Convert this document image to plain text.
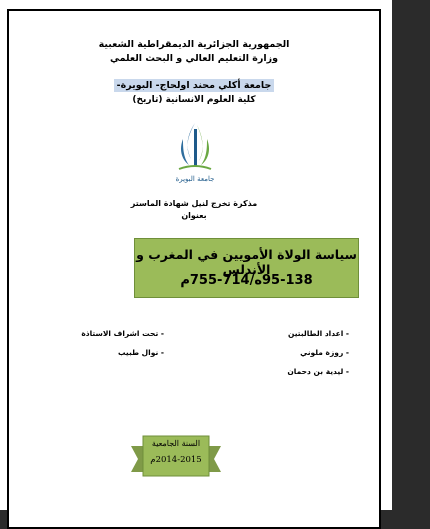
الجمهورية الجزائرية الديمقراطية الشعبية
وزارة التعليم العالي و البحث العلمي
جامعة أكلي محند اولحاج- البويرة-
كلية العلوم الانسانية (تاريخ)
جامعة البويرة
مذكرة تخرج لنيل شهادة الماستر
بعنوان
سياسة الولاة الأمويين في المغرب و الأندلس
95-138ه/714-755م
- اعداد الطالبتين
- روزة ملوني
- ليدية بن دحمان
- تحت اشراف الاستاذة
- نوال طبيب
السنة الجامعية
2014-2015م
